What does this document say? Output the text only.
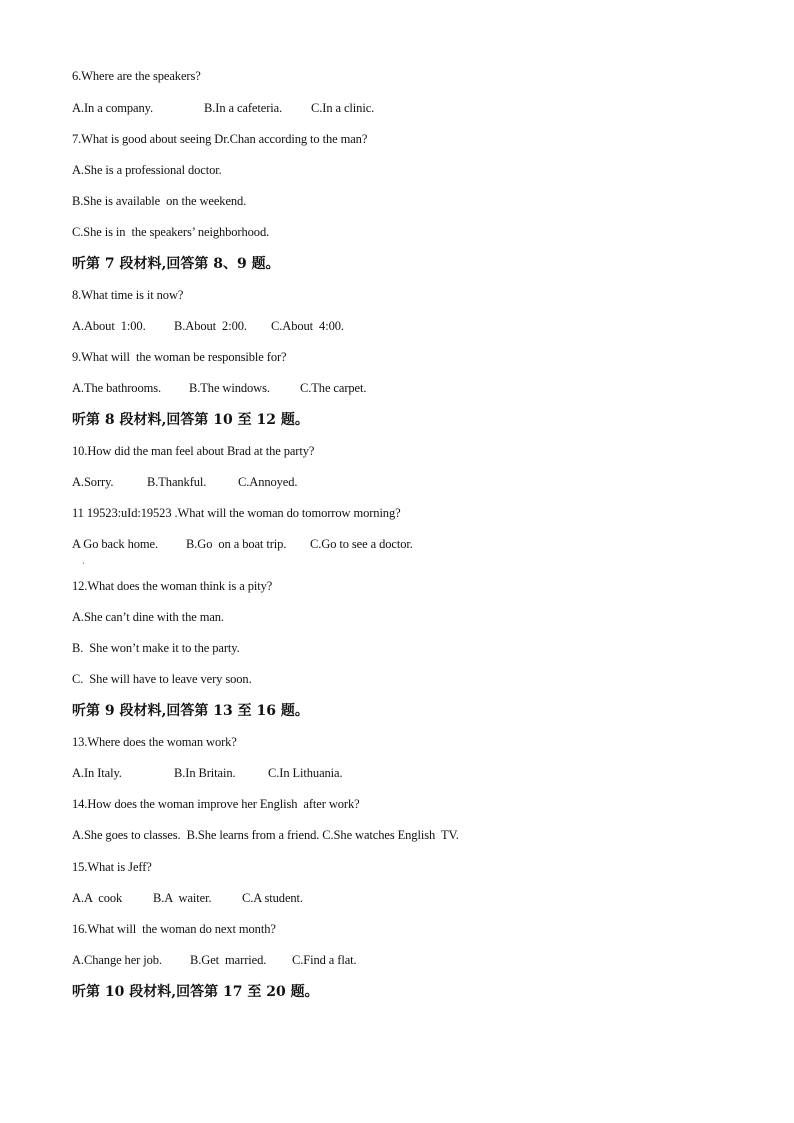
6.Where are the speakers?
A.In a company.	B.In a cafeteria. C.In a clinic.
7.What is good about seeing Dr.Chan according to the man?
A.She is a professional doctor.
B.She is available  on the weekend.
C.She is in  the speakers’ neighborhood.
听第 7 段材料,回答第 8、9 题。
8.What time is it now?
A.About  1:00. B.About  2:00. C.About  4:00.
9.What will  the woman be responsible for?
A.The bathrooms. B.The windows. C.The carpet.
听第 8 段材料,回答第 10 至 12 题。
10.How did the man feel about Brad at the party?
A.Sorry.	B.Thankful.	C.Annoyed.
11 19523:uId:19523 .What will the woman do tomorrow morning?
A Go back home. B.Go  on a boat trip. C.Go to see a doctor.
·
12.What does the woman think is a pity?
A.She can’t dine with the man.
B.  She won’t make it to the party.
C.  She will have to leave very soon.
听第 9 段材料,回答第 13 至 16 题。
13.Where does the woman work?
A.In Italy.	B.In Britain.	C.In Lithuania.
14.How does the woman improve her English  after work?
A.She goes to classes.  B.She learns from a friend. C.She watches English  TV.
15.What is Jeff?
A.A  cook B.A  waiter. C.A student.
16.What will  the woman do next month?
A.Change her job. B.Get  married. C.Find a flat.
听第 10 段材料,回答第 17 至 20 题。
